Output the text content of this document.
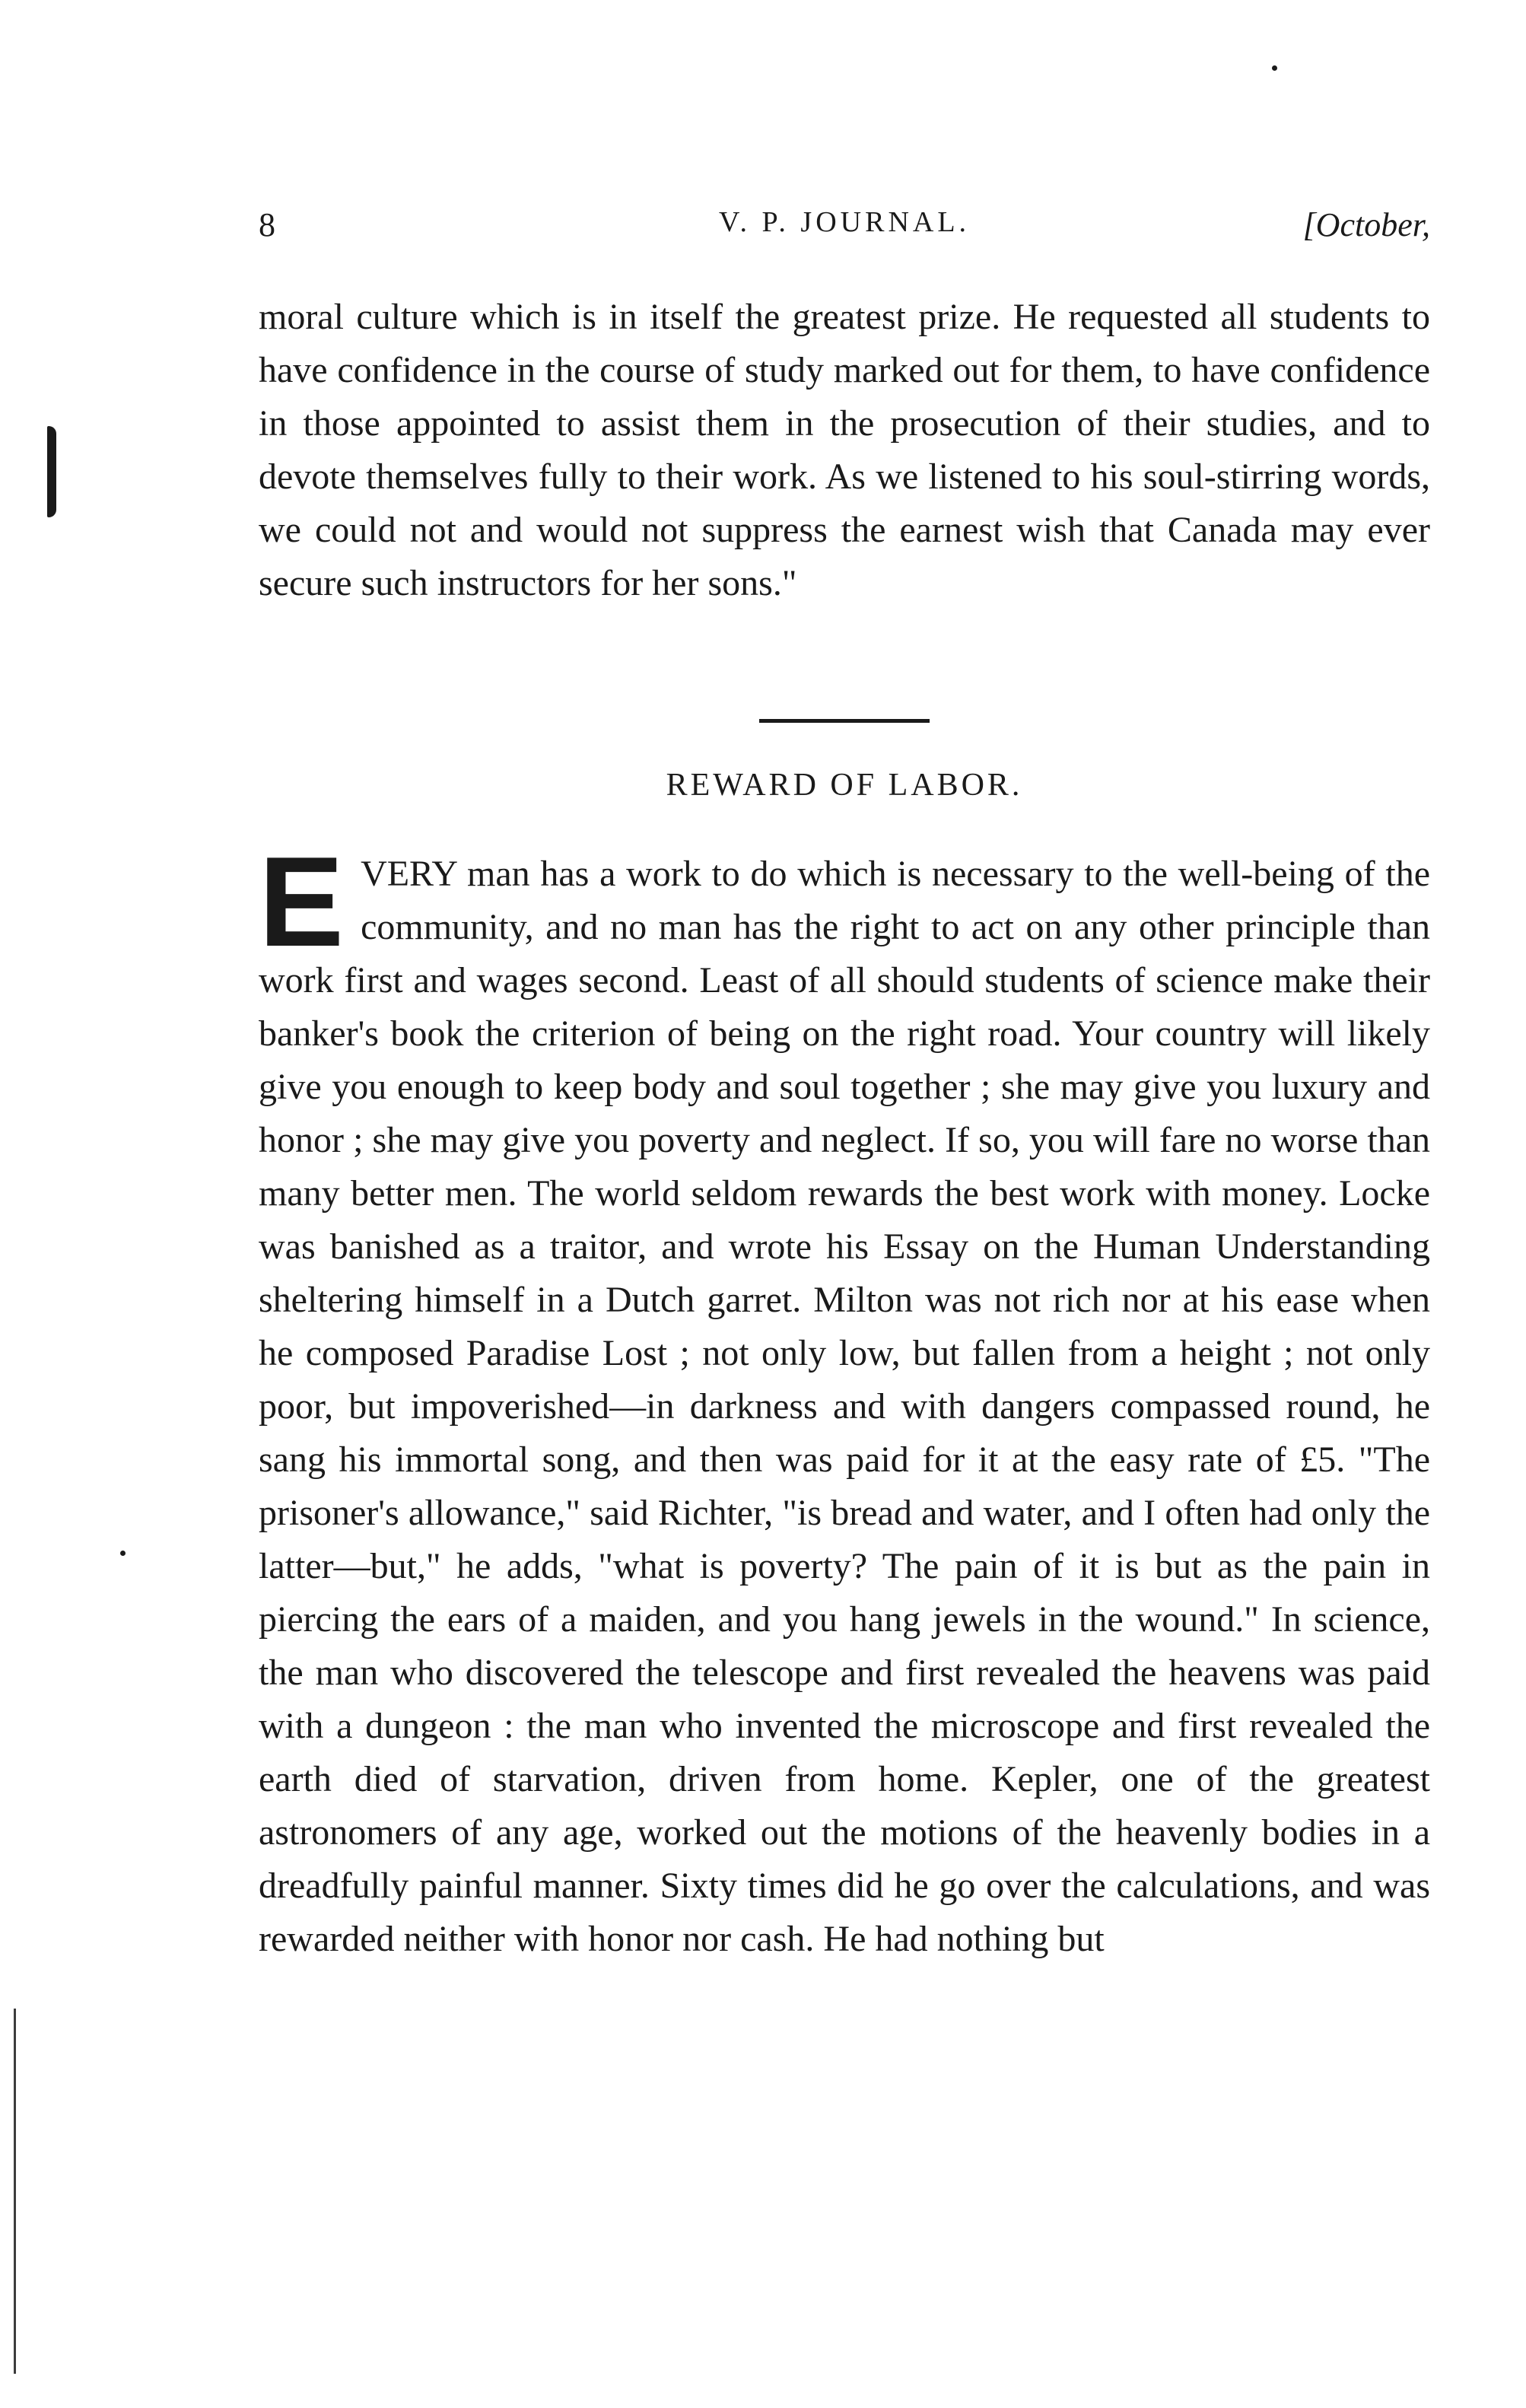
8	V. P. JOURNAL.	[October,

moral culture which is in itself the greatest prize. He requested all students to have confidence in the course of study marked out for them, to have confidence in those appointed to assist them in the prosecution of their studies, and to devote themselves fully to their work. As we listened to his soul-stirring words, we could not and would not suppress the earnest wish that Canada may ever secure such instructors for her sons."

REWARD OF LABOR.
E VERY man has a work to do which is necessary to the well-being of the community, and no man has the right to act on any other principle than work first and wages second. Least of all should students of science make their banker's book the criterion of being on the right road. Your country will likely give you enough to keep body and soul together ; she may give you luxury and honor ; she may give you poverty and neglect. If so, you will fare no worse than many better men. The world seldom rewards the best work with money. Locke was banished as a traitor, and wrote his Essay on the Human Understanding sheltering himself in a Dutch garret. Milton was not rich nor at his ease when he composed Paradise Lost ; not only low, but fallen from a height ; not only poor, but impoverished—in darkness and with dangers compassed round, he sang his immortal song, and then was paid for it at the easy rate of £5. "The prisoner's allowance," said Richter, "is bread and water, and I often had only the latter—but," he adds, "what is poverty? The pain of it is but as the pain in piercing the ears of a maiden, and you hang jewels in the wound." In science, the man who discovered the telescope and first revealed the heavens was paid with a dungeon : the man who invented the microscope and first revealed the earth died of starvation, driven from home. Kepler, one of the greatest astronomers of any age, worked out the motions of the heavenly bodies in a dreadfully painful manner. Sixty times did he go over the calculations, and was rewarded neither with honor nor cash. He had nothing but
